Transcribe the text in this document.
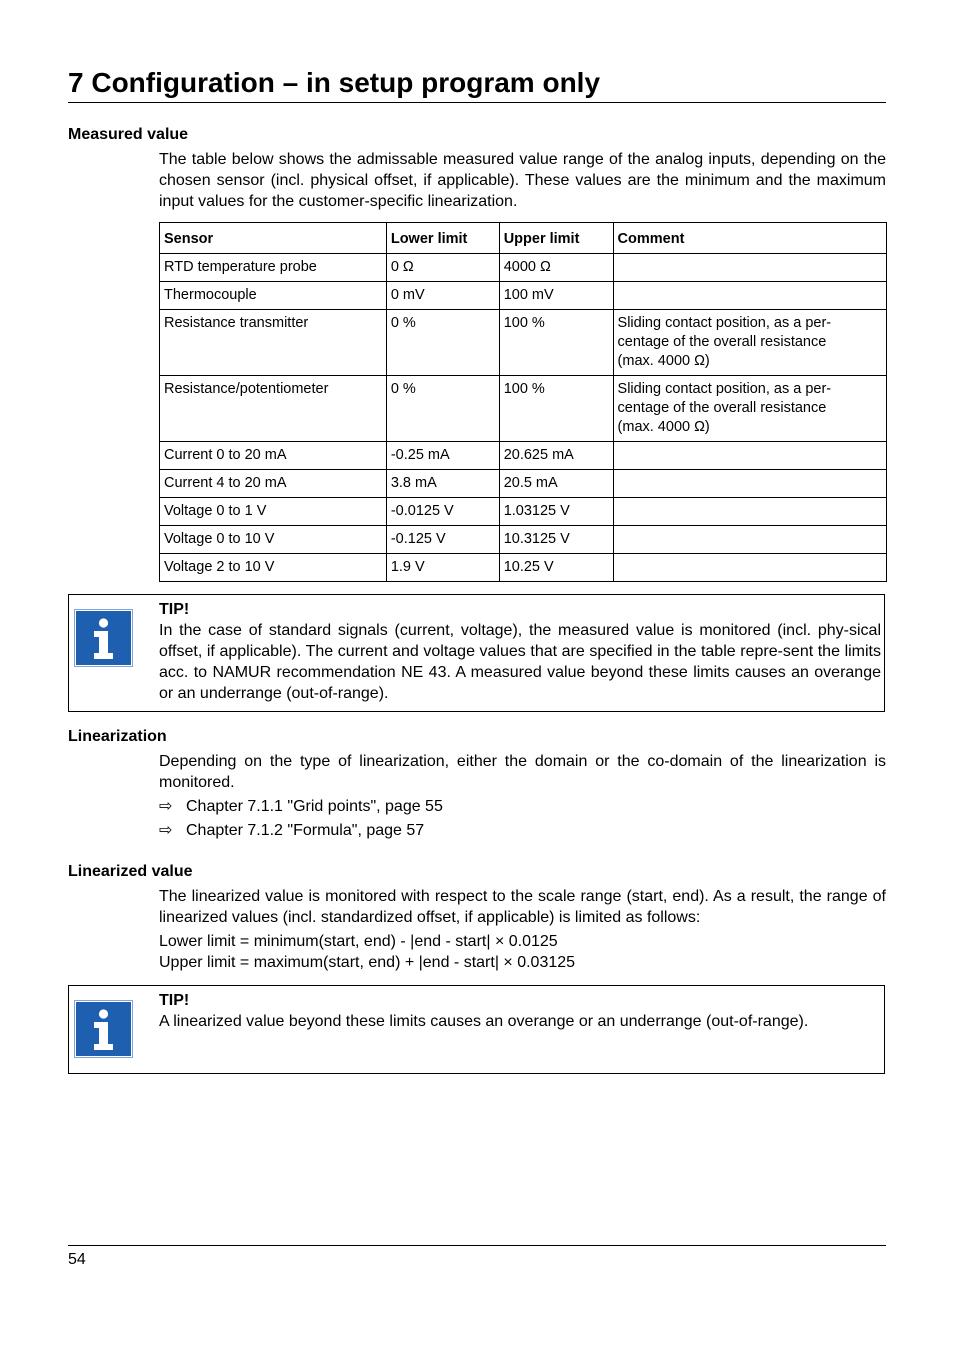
7 Configuration – in setup program only
Measured value
The table below shows the admissable measured value range of the analog inputs, depending on the chosen sensor (incl. physical offset, if applicable). These values are the minimum and the maximum input values for the customer-specific linearization.
Sensor	Lower limit	Upper limit	Comment
RTD temperature probe	0 Ω	4000 Ω	
Thermocouple	0 mV	100 mV	
Resistance transmitter	0 %	100 %	Sliding contact position, as a per-
centage of the overall resistance
(max. 4000 Ω)
Resistance/potentiometer	0 %	100 %	Sliding contact position, as a per-
centage of the overall resistance
(max. 4000 Ω)
Current 0 to 20 mA	-0.25 mA	20.625 mA	
Current 4 to 20 mA	3.8 mA	20.5 mA	
Voltage 0 to 1 V	-0.0125 V	1.03125 V	
Voltage 0 to 10 V	-0.125 V	10.3125 V	
Voltage 2 to 10 V	1.9 V	10.25 V	
TIP!
In the case of standard signals (current, voltage), the measured value is monitored (incl. phy-sical offset, if applicable). The current and voltage values that are specified in the table repre-sent the limits acc. to NAMUR recommendation NE 43. A measured value beyond these limits causes an overange or an underrange (out-of-range).
Linearization
Depending on the type of linearization, either the domain or the co-domain of the linearization is monitored.
⇨ Chapter 7.1.1 "Grid points", page 55
⇨ Chapter 7.1.2 "Formula", page 57
Linearized value
The linearized value is monitored with respect to the scale range (start, end). As a result, the range of linearized values (incl. standardized offset, if applicable) is limited as follows:
Lower limit = minimum(start, end) - |end - start| × 0.0125
Upper limit = maximum(start, end) + |end - start| × 0.03125
TIP!
A linearized value beyond these limits causes an overange or an underrange (out-of-range).
54
